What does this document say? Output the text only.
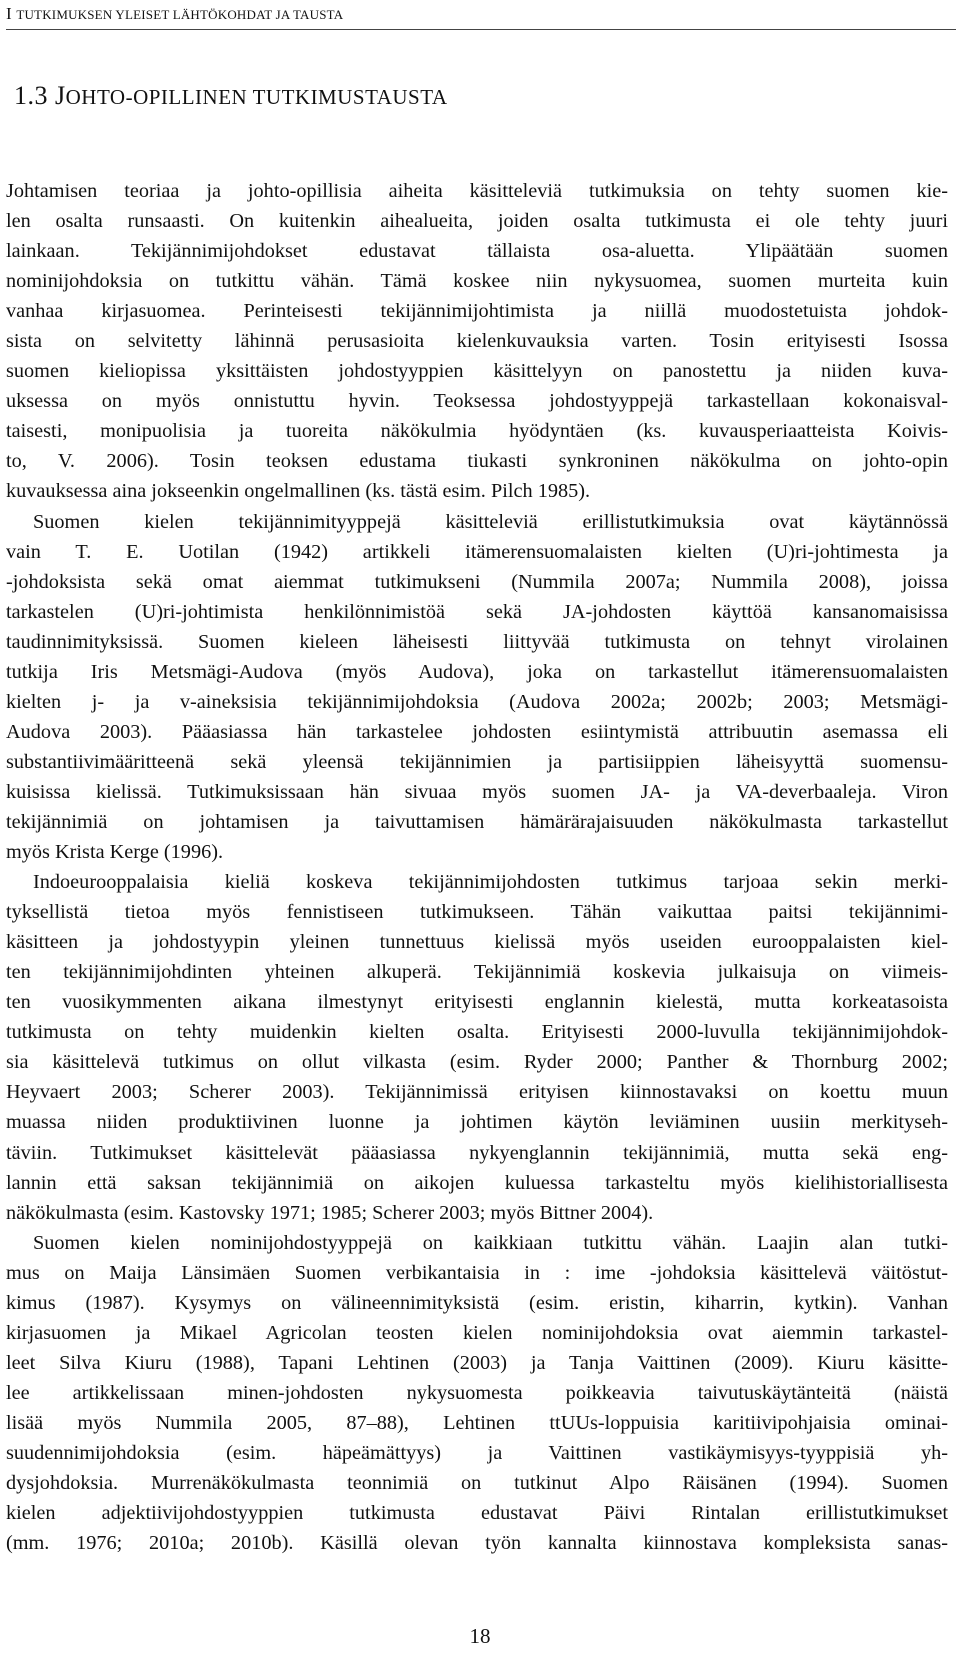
I TUTKIMUKSEN YLEISET LÄHTÖKOHDAT JA TAUSTA
1.3 JOHTO-OPILLINEN TUTKIMUSTAUSTA
Johtamisen teoriaa ja johto-opillisia aiheita käsitteleviä tutkimuksia on tehty suomen kie-
len osalta runsaasti. On kuitenkin aihealueita, joiden osalta tutkimusta ei ole tehty juuri
lainkaan. Tekijännimijohdokset edustavat tällaista osa-aluetta. Ylipäätään suomen
nominijohdoksia on tutkittu vähän. Tämä koskee niin nykysuomea, suomen murteita kuin
vanhaa kirjasuomea. Perinteisesti tekijännimijohtimista ja niillä muodostetuista johdok-
sista on selvitetty lähinnä perusasioita kielenkuvauksia varten. Tosin erityisesti Isossa
suomen kieliopissa yksittäisten johdostyyppien käsittelyyn on panostettu ja niiden kuva-
uksessa on myös onnistuttu hyvin. Teoksessa johdostyyppejä tarkastellaan kokonaisval-
taisesti, monipuolisia ja tuoreita näkökulmia hyödyntäen (ks. kuvausperiaatteista Koivis-
to, V. 2006). Tosin teoksen edustama tiukasti synkroninen näkökulma on johto-opin
kuvauksessa aina jokseenkin ongelmallinen (ks. tästä esim. Pilch 1985).
Suomen kielen tekijännimityyppejä käsitteleviä erillistutkimuksia ovat käytännössä
vain T. E. Uotilan (1942) artikkeli itämerensuomalaisten kielten (U)ri-johtimesta ja
-johdoksista sekä omat aiemmat tutkimukseni (Nummila 2007a; Nummila 2008), joissa
tarkastelen (U)ri-johtimista henkilönnimistöä sekä JA-johdosten käyttöä kansanomaisissa
taudinnimityksissä. Suomen kieleen läheisesti liittyvää tutkimusta on tehnyt virolainen
tutkija Iris Metsmägi-Audova (myös Audova), joka on tarkastellut itämerensuomalaisten
kielten j- ja v-aineksisia tekijännimijohdoksia (Audova 2002a; 2002b; 2003; Metsmägi-
Audova 2003). Pääasiassa hän tarkastelee johdosten esiintymistä attribuutin asemassa eli
substantiivimääritteenä sekä yleensä tekijännimien ja partisiippien läheisyyttä suomensu-
kuisissa kielissä. Tutkimuksissaan hän sivuaa myös suomen JA- ja VA-deverbaaleja. Viron
tekijännimiä on johtamisen ja taivuttamisen hämärärajaisuuden näkökulmasta tarkastellut
myös Krista Kerge (1996).
Indoeurooppalaisia kieliä koskeva tekijännimijohdosten tutkimus tarjoaa sekin merki-
tyksellistä tietoa myös fennistiseen tutkimukseen. Tähän vaikuttaa paitsi tekijännimi-
käsitteen ja johdostyypin yleinen tunnettuus kielissä myös useiden eurooppalaisten kiel-
ten tekijännimijohdinten yhteinen alkuperä. Tekijännimiä koskevia julkaisuja on viimeis-
ten vuosikymmenten aikana ilmestynyt erityisesti englannin kielestä, mutta korkeatasoista
tutkimusta on tehty muidenkin kielten osalta. Erityisesti 2000-luvulla tekijännimijohdok-
sia käsittelevä tutkimus on ollut vilkasta (esim. Ryder 2000; Panther & Thornburg 2002;
Heyvaert 2003; Scherer 2003). Tekijännimissä erityisen kiinnostavaksi on koettu muun
muassa niiden produktiivinen luonne ja johtimen käytön leviäminen uusiin merkityseh-
täviin. Tutkimukset käsittelevät pääasiassa nykyenglannin tekijännimiä, mutta sekä eng-
lannin että saksan tekijännimiä on aikojen kuluessa tarkasteltu myös kielihistoriallisesta
näkökulmasta (esim. Kastovsky 1971; 1985; Scherer 2003; myös Bittner 2004).
Suomen kielen nominijohdostyyppejä on kaikkiaan tutkittu vähän. Laajin alan tutki-
mus on Maija Länsimäen Suomen verbikantaisia in : ime -johdoksia käsittelevä väitöstut-
kimus (1987). Kysymys on välineennimityksistä (esim. eristin, kiharrin, kytkin). Vanhan
kirjasuomen ja Mikael Agricolan teosten kielen nominijohdoksia ovat aiemmin tarkastel-
leet Silva Kiuru (1988), Tapani Lehtinen (2003) ja Tanja Vaittinen (2009). Kiuru käsitte-
lee artikkelissaan minen-johdosten nykysuomesta poikkeavia taivutuskäytänteitä (näistä
lisää myös Nummila 2005, 87–88), Lehtinen ttUUs-loppuisia karitiivipohjaisia ominai-
suudennimijohdoksia (esim. häpeämättyys) ja Vaittinen vastikäymisyys-tyyppisiä yh-
dysjohdoksia. Murrenäkökulmasta teonnimiä on tutkinut Alpo Räisänen (1994). Suomen
kielen adjektiivijohdostyyppien tutkimusta edustavat Päivi Rintalan erillistutkimukset
(mm. 1976; 2010a; 2010b). Käsillä olevan työn kannalta kiinnostava kompleksista sanas-
18
